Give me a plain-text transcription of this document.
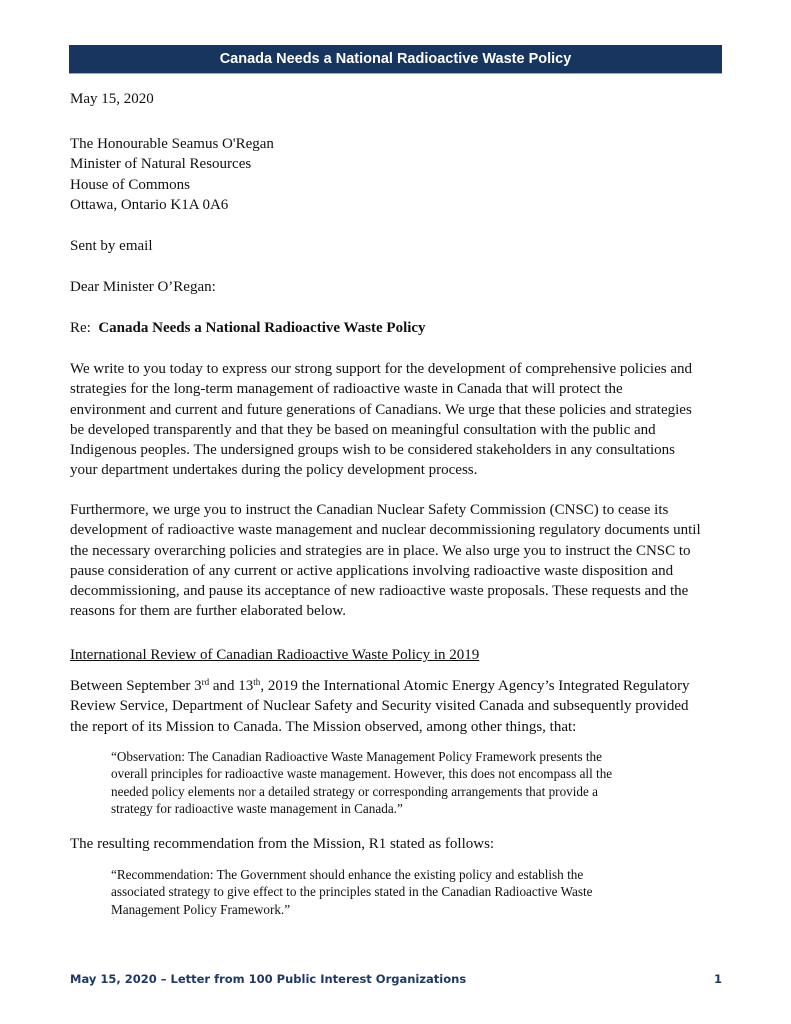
Canada Needs a National Radioactive Waste Policy
May 15, 2020
The Honourable Seamus O'Regan
Minister of Natural Resources
House of Commons
Ottawa, Ontario K1A 0A6
Sent by email
Dear Minister O’Regan:
Re: Canada Needs a National Radioactive Waste Policy
We write to you today to express our strong support for the development of comprehensive policies and
strategies for the long-term management of radioactive waste in Canada that will protect the
environment and current and future generations of Canadians. We urge that these policies and strategies
be developed transparently and that they be based on meaningful consultation with the public and
Indigenous peoples. The undersigned groups wish to be considered stakeholders in any consultations
your department undertakes during the policy development process.
Furthermore, we urge you to instruct the Canadian Nuclear Safety Commission (CNSC) to cease its
development of radioactive waste management and nuclear decommissioning regulatory documents until
the necessary overarching policies and strategies are in place. We also urge you to instruct the CNSC to
pause consideration of any current or active applications involving radioactive waste disposition and
decommissioning, and pause its acceptance of new radioactive waste proposals. These requests and the
reasons for them are further elaborated below.
International Review of Canadian Radioactive Waste Policy in 2019
Between September 3rd and 13th, 2019 the International Atomic Energy Agency’s Integrated Regulatory
Review Service, Department of Nuclear Safety and Security visited Canada and subsequently provided
the report of its Mission to Canada. The Mission observed, among other things, that:
“Observation: The Canadian Radioactive Waste Management Policy Framework presents the
overall principles for radioactive waste management. However, this does not encompass all the
needed policy elements nor a detailed strategy or corresponding arrangements that provide a
strategy for radioactive waste management in Canada.”
The resulting recommendation from the Mission, R1 stated as follows:
“Recommendation: The Government should enhance the existing policy and establish the
associated strategy to give effect to the principles stated in the Canadian Radioactive Waste
Management Policy Framework.”
May 15, 2020 – Letter from 100 Public Interest Organizations	1
